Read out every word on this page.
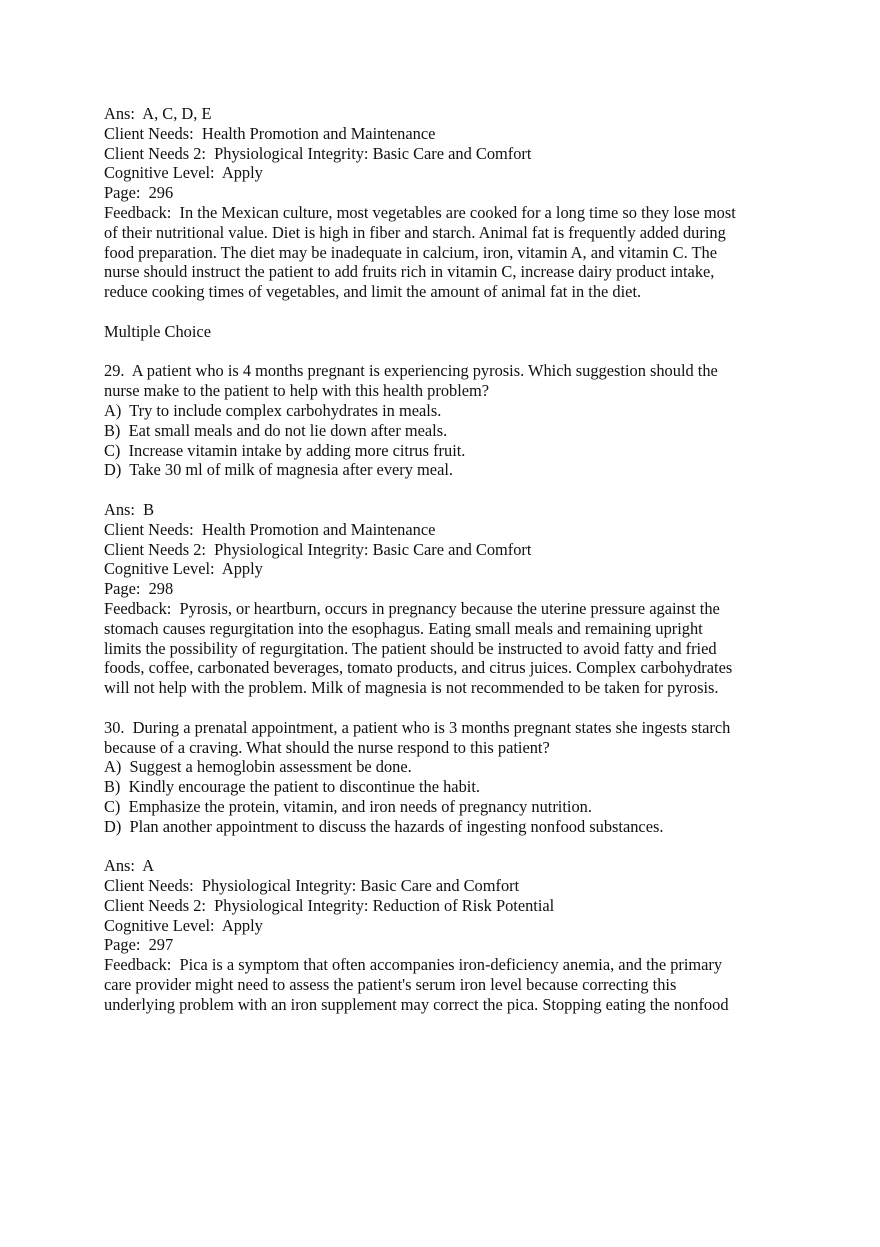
Ans:  A, C, D, E
Client Needs:  Health Promotion and Maintenance
Client Needs 2:  Physiological Integrity: Basic Care and Comfort
Cognitive Level:  Apply
Page:  296
Feedback:  In the Mexican culture, most vegetables are cooked for a long time so they lose most
of their nutritional value. Diet is high in fiber and starch. Animal fat is frequently added during
food preparation. The diet may be inadequate in calcium, iron, vitamin A, and vitamin C. The
nurse should instruct the patient to add fruits rich in vitamin C, increase dairy product intake,
reduce cooking times of vegetables, and limit the amount of animal fat in the diet.
Multiple Choice
29.  A patient who is 4 months pregnant is experiencing pyrosis. Which suggestion should the
nurse make to the patient to help with this health problem?
A)  Try to include complex carbohydrates in meals.
B)  Eat small meals and do not lie down after meals.
C)  Increase vitamin intake by adding more citrus fruit.
D)  Take 30 ml of milk of magnesia after every meal.
Ans:  B
Client Needs:  Health Promotion and Maintenance
Client Needs 2:  Physiological Integrity: Basic Care and Comfort
Cognitive Level:  Apply
Page:  298
Feedback:  Pyrosis, or heartburn, occurs in pregnancy because the uterine pressure against the
stomach causes regurgitation into the esophagus. Eating small meals and remaining upright
limits the possibility of regurgitation. The patient should be instructed to avoid fatty and fried
foods, coffee, carbonated beverages, tomato products, and citrus juices. Complex carbohydrates
will not help with the problem. Milk of magnesia is not recommended to be taken for pyrosis.
30.  During a prenatal appointment, a patient who is 3 months pregnant states she ingests starch
because of a craving. What should the nurse respond to this patient?
A)  Suggest a hemoglobin assessment be done.
B)  Kindly encourage the patient to discontinue the habit.
C)  Emphasize the protein, vitamin, and iron needs of pregnancy nutrition.
D)  Plan another appointment to discuss the hazards of ingesting nonfood substances.
Ans:  A
Client Needs:  Physiological Integrity: Basic Care and Comfort
Client Needs 2:  Physiological Integrity: Reduction of Risk Potential
Cognitive Level:  Apply
Page:  297
Feedback:  Pica is a symptom that often accompanies iron-deficiency anemia, and the primary
care provider might need to assess the patient's serum iron level because correcting this
underlying problem with an iron supplement may correct the pica. Stopping eating the nonfood
